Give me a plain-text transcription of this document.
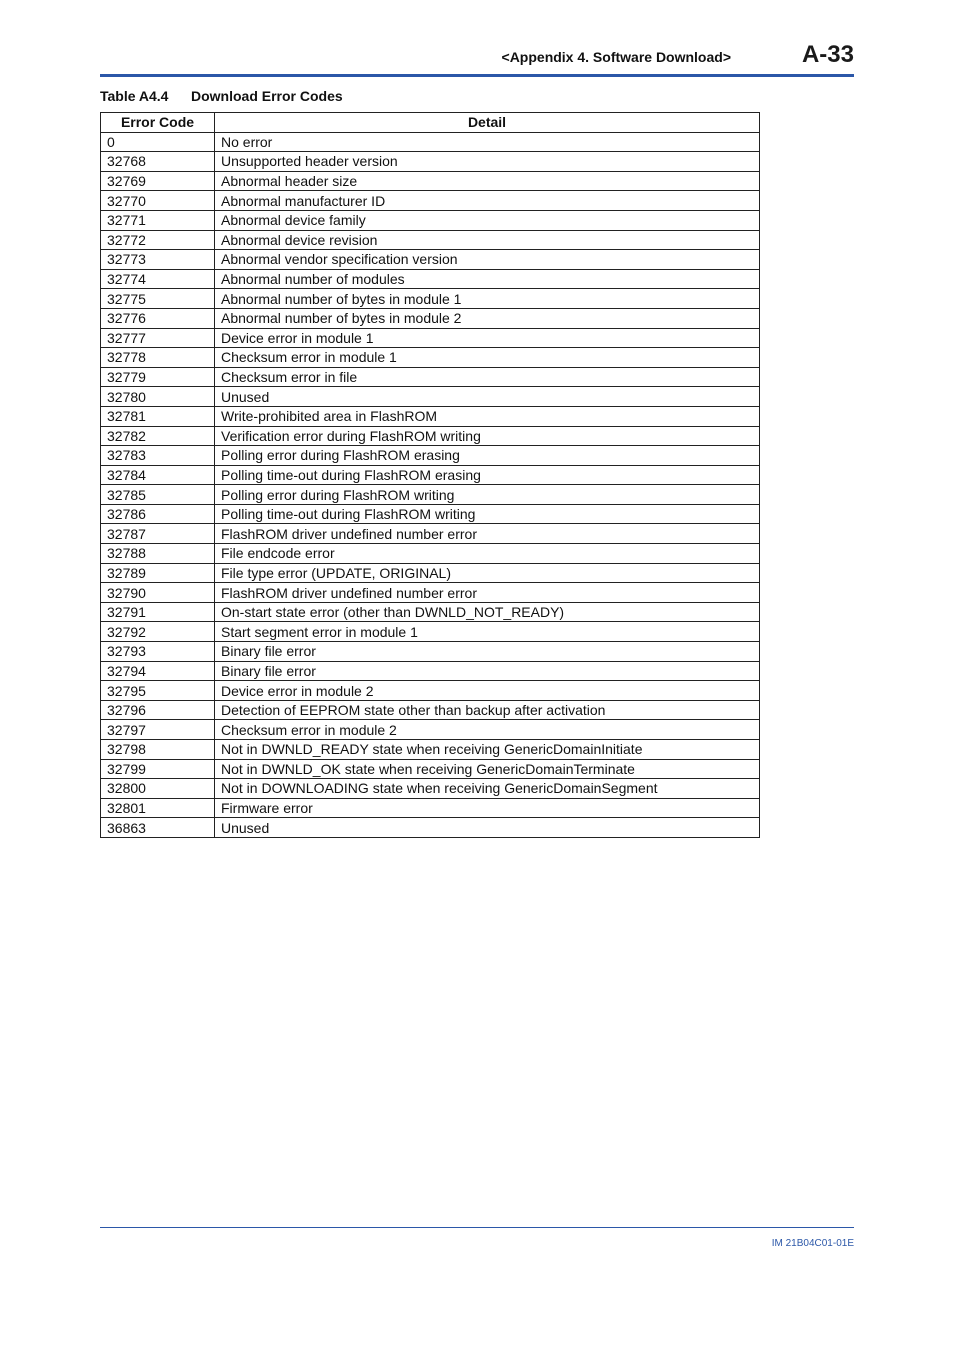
<Appendix 4. Software Download>	A-33
Table A4.4 Download Error Codes
Error Code	Detail
0	No error
32768	Unsupported header version
32769	Abnormal header size
32770	Abnormal manufacturer ID
32771	Abnormal device family
32772	Abnormal device revision
32773	Abnormal vendor specification version
32774	Abnormal number of modules
32775	Abnormal number of bytes in module 1
32776	Abnormal number of bytes in module 2
32777	Device error in module 1
32778	Checksum error in module 1
32779	Checksum error in file
32780	Unused
32781	Write-prohibited area in FlashROM
32782	Verification error during FlashROM writing
32783	Polling error during FlashROM erasing
32784	Polling time-out during FlashROM erasing
32785	Polling error during FlashROM writing
32786	Polling time-out during FlashROM writing
32787	FlashROM driver undefined number error
32788	File endcode error
32789	File type error (UPDATE, ORIGINAL)
32790	FlashROM driver undefined number error
32791	On-start state error (other than DWNLD_NOT_READY)
32792	Start segment error in module 1
32793	Binary file error
32794	Binary file error
32795	Device error in module 2
32796	Detection of EEPROM state other than backup after activation
32797	Checksum error in module 2
32798	Not in DWNLD_READY state when receiving GenericDomainInitiate
32799	Not in DWNLD_OK state when receiving GenericDomainTerminate
32800	Not in DOWNLOADING state when receiving GenericDomainSegment
32801	Firmware error
36863	Unused
IM 21B04C01-01E
